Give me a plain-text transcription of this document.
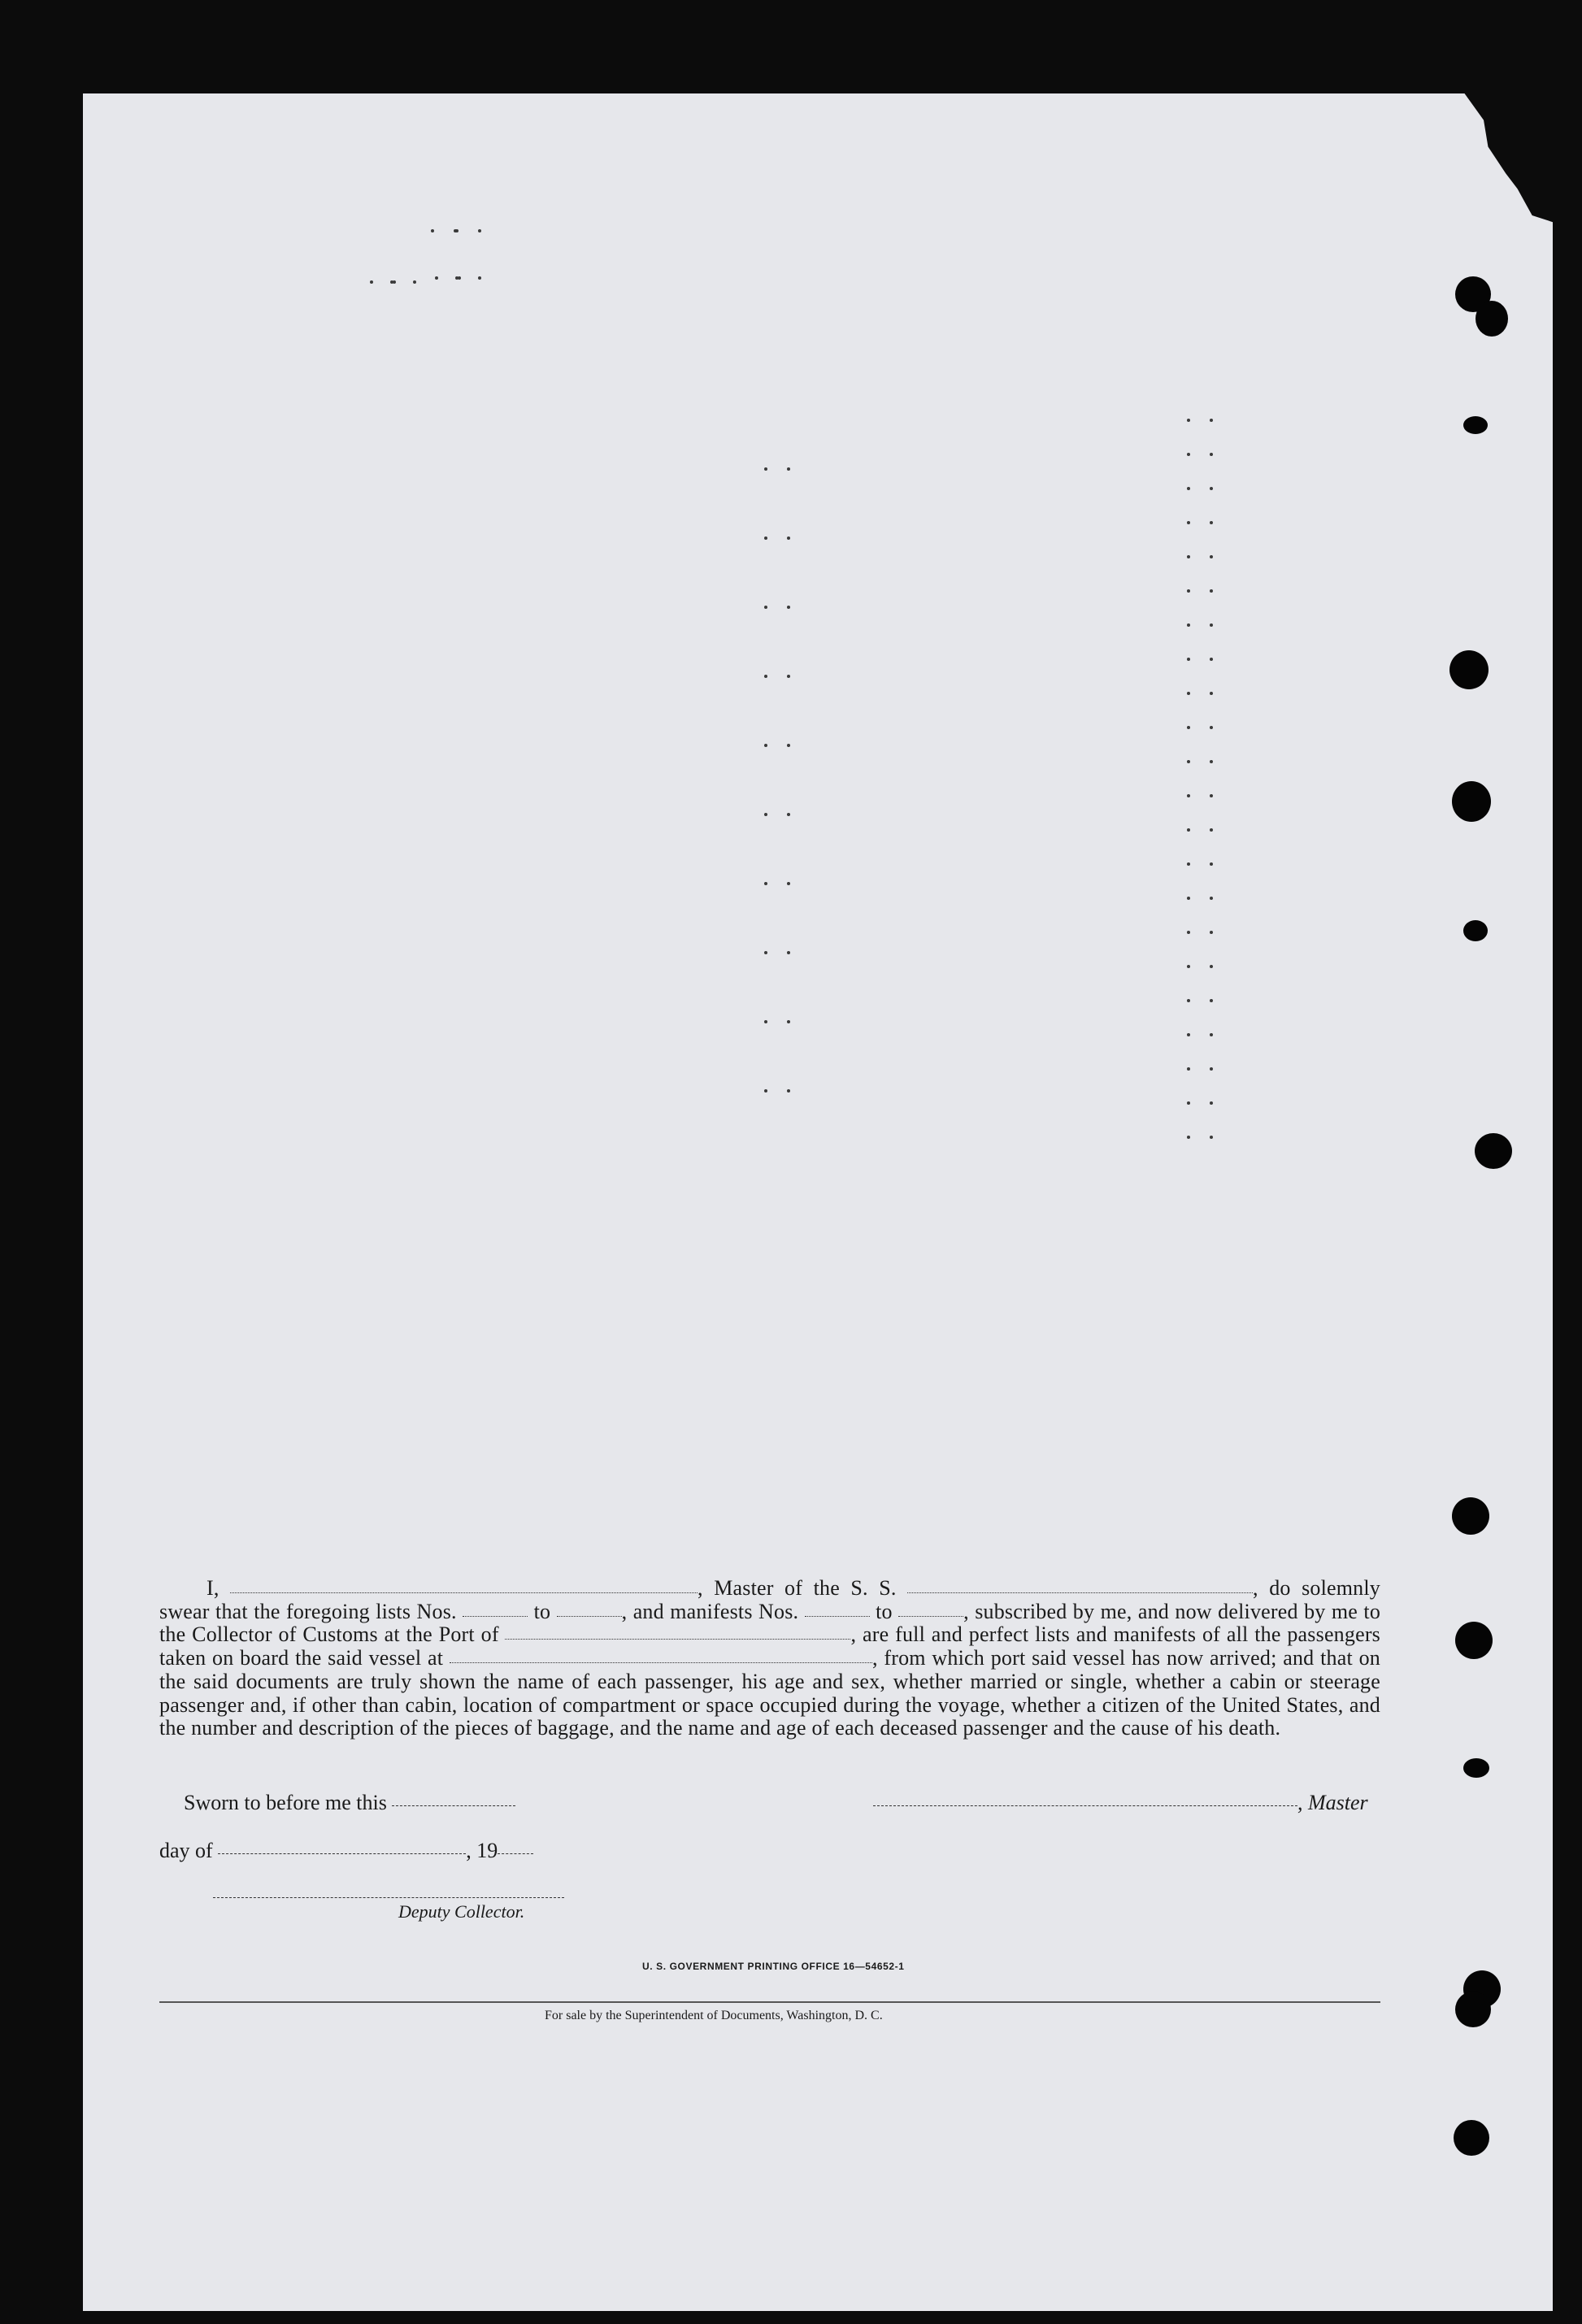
I,	, Master of the S. S.	, do solemnly swear that the foregoing lists Nos.	to	, and manifests Nos.	to	, subscribed by me, and now delivered by me to the Collector of Customs at the Port of	, are full and perfect lists and manifests of all the passengers taken on board the said vessel at	, from which port said vessel has now arrived; and that on the said documents are truly shown the name of each passenger, his age and sex, whether married or single, whether a cabin or steerage passenger and, if other than cabin, location of compartment or space occupied during the voyage, whether a citizen of the United States, and the number and description of the pieces of baggage, and the name and age of each deceased passenger and the cause of his death.

Sworn to before me this	, Master
day of	, 19
Deputy Collector.
U. S. GOVERNMENT PRINTING OFFICE 16—54652-1
For sale by the Superintendent of Documents, Washington, D. C.
